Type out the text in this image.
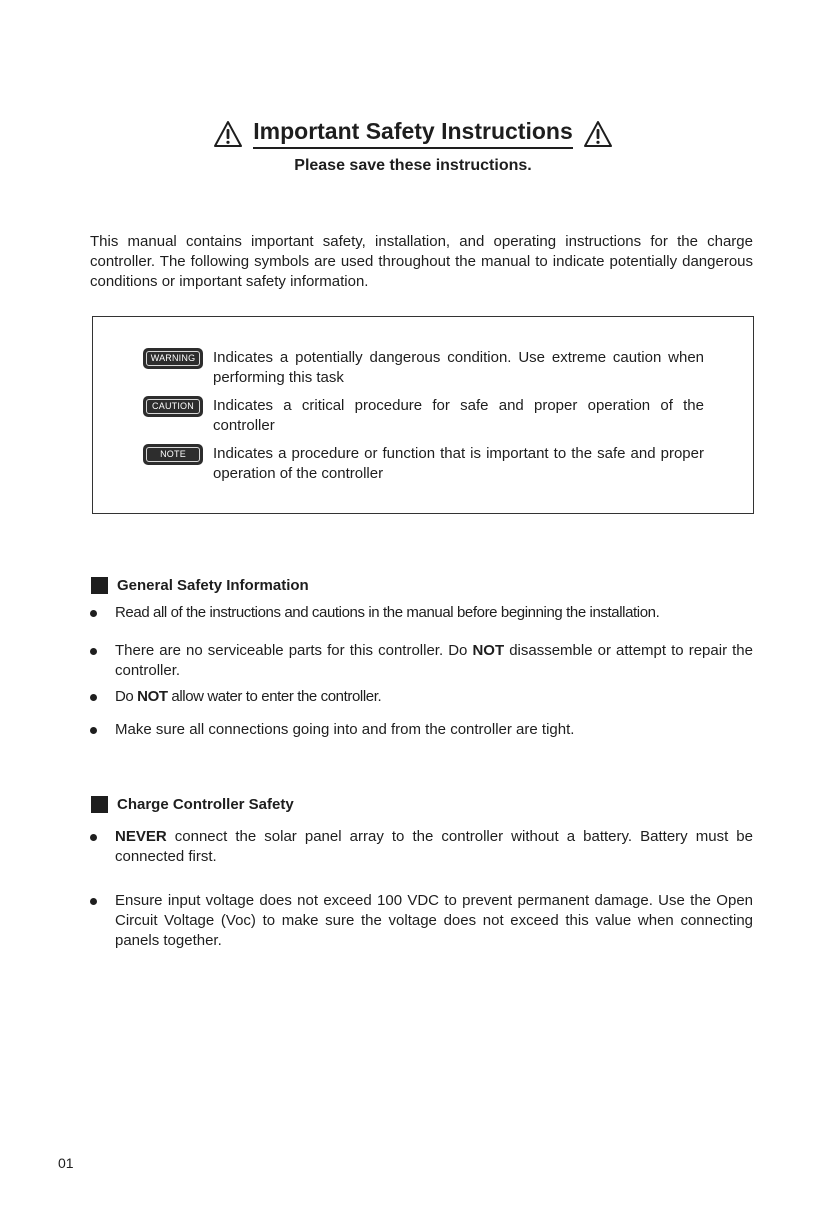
Important Safety Instructions
Please save these instructions.
This manual contains important safety, installation, and operating instructions for the charge controller. The following symbols are used throughout the manual to indicate potentially dangerous conditions or important safety information.
WARNING	Indicates a potentially dangerous condition. Use extreme caution when performing this task
CAUTION	Indicates a critical procedure for safe and proper operation of the controller
NOTE	Indicates a procedure or function that is important to the safe and proper operation of the controller
General Safety Information
Read all of the instructions and cautions in the manual before beginning the installation.
There are no serviceable parts for this controller. Do NOT disassemble or attempt to repair the controller.
Do NOT allow water to enter the controller.
Make sure all connections going into and from the controller are tight.
Charge Controller Safety
NEVER connect the solar panel array to the controller without a battery. Battery must be connected first.
Ensure input voltage does not exceed 100 VDC to prevent permanent damage. Use the Open Circuit Voltage (Voc) to make sure the voltage does not exceed this value when connecting panels together.
01
